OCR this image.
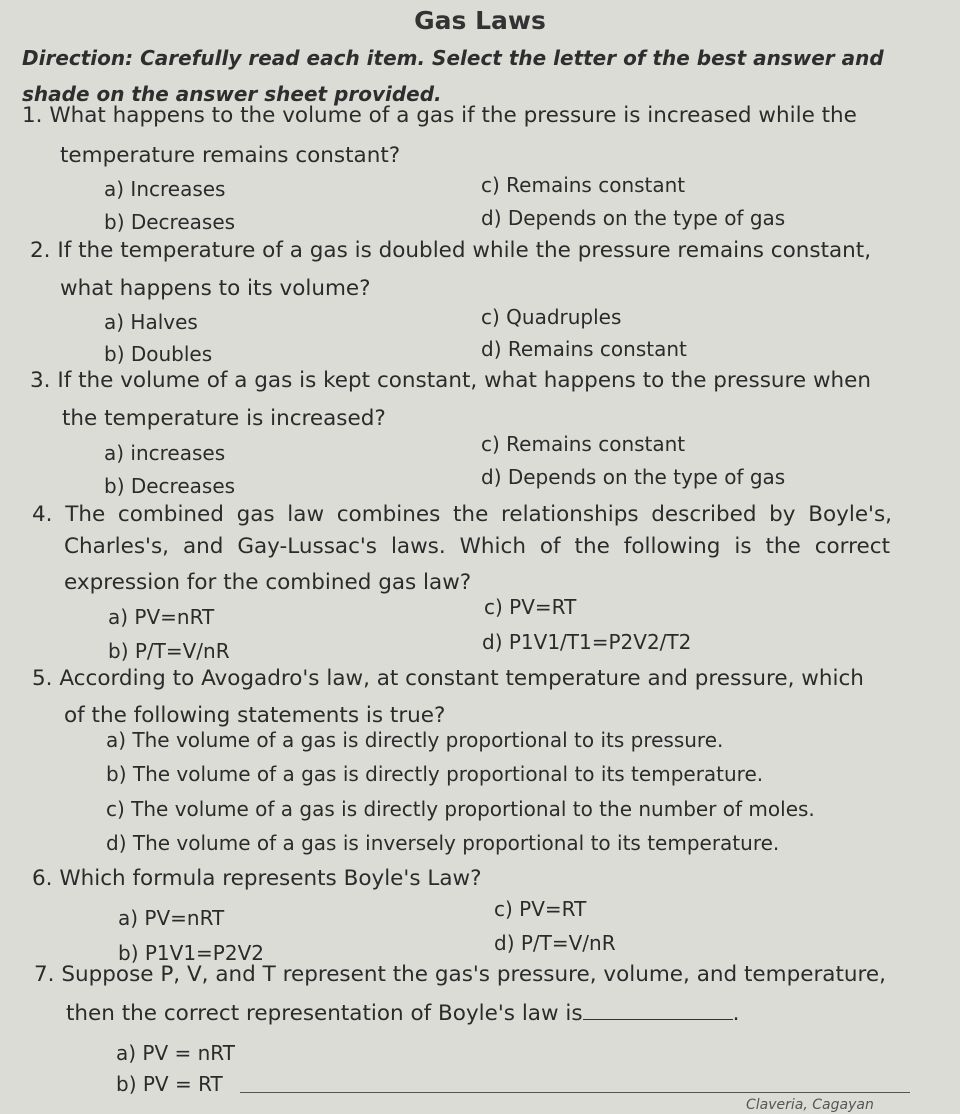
Gas Laws
Direction: Carefully read each item. Select the letter of the best answer and shade on the answer sheet provided.
1. What happens to the volume of a gas if the pressure is increased while the
temperature remains constant?
a) Increases
b) Decreases
c) Remains constant
d) Depends on the type of gas
2. If the temperature of a gas is doubled while the pressure remains constant,
what happens to its volume?
a) Halves
b) Doubles
c) Quadruples
d) Remains constant
3. If the volume of a gas is kept constant, what happens to the pressure when
the temperature is increased?
a) increases
b) Decreases
c) Remains constant
d) Depends on the type of gas
4. The combined gas law combines the relationships described by Boyle's,
Charles's, and Gay-Lussac's laws. Which of the following is the correct
expression for the combined gas law?
a) PV=nRT
b) P/T=V/nR
c) PV=RT
d) P1V1/T1=P2V2/T2
5. According to Avogadro's law, at constant temperature and pressure, which
of the following statements is true?
a) The volume of a gas is directly proportional to its pressure.
b) The volume of a gas is directly proportional to its temperature.
c) The volume of a gas is directly proportional to the number of moles.
d) The volume of a gas is inversely proportional to its temperature.
6. Which formula represents Boyle's Law?
a) PV=nRT
b) P1V1=P2V2
c) PV=RT
d) P/T=V/nR
7. Suppose P, V, and T represent the gas's pressure, volume, and temperature,
then the correct representation of Boyle's law is	.
a) PV = nRT
b) PV = RT
Claveria, Cagayan
